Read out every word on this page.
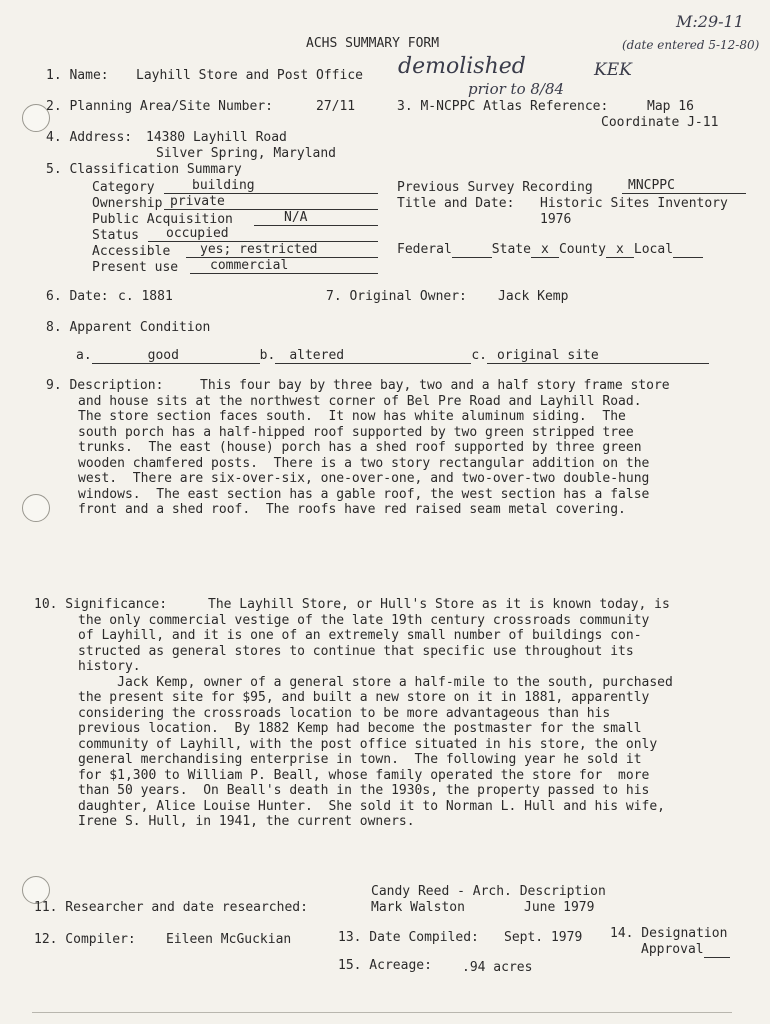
M:29-11
(date entered 5-12-80)
demolished	KEK
prior to 8/84
ACHS SUMMARY FORM
1. Name: Layhill Store and Post Office
2. Planning Area/Site Number:	27/11	3. M-NCPPC Atlas Reference:	Map 16
Coordinate J-11
4. Address: 14380 Layhill Road
Silver Spring, Maryland
5. Classification Summary
Category	building
Ownership private
Public Acquisition	N/A
Status	occupied
Accessible	yes; restricted
Present use	commercial
Previous Survey Recording	MNCPPC
Title and Date: Historic Sites Inventory
1976
Federal	State x County x Local
6. Date: c. 1881	7. Original Owner: Jack Kemp
8. Apparent Condition
a.	good	b. altered	c. original site
9. Description:	This four bay by three bay, two and a half story frame store
and house sits at the northwest corner of Bel Pre Road and Layhill Road.
The store section faces south.  It now has white aluminum siding.  The
south porch has a half-hipped roof supported by two green stripped tree
trunks.  The east (house) porch has a shed roof supported by three green
wooden chamfered posts.  There is a two story rectangular addition on the
west.  There are six-over-six, one-over-one, and two-over-two double-hung
windows.  The east section has a gable roof, the west section has a false
front and a shed roof.  The roofs have red raised seam metal covering.
10. Significance:	The Layhill Store, or Hull's Store as it is known today, is
the only commercial vestige of the late 19th century crossroads community
of Layhill, and it is one of an extremely small number of buildings con-
structed as general stores to continue that specific use throughout its
history.
Jack Kemp, owner of a general store a half-mile to the south, purchased
the present site for $95, and built a new store on it in 1881, apparently
considering the crossroads location to be more advantageous than his
previous location.  By 1882 Kemp had become the postmaster for the small
community of Layhill, with the post office situated in his store, the only
general merchandising enterprise in town.  The following year he sold it
for $1,300 to William P. Beall, whose family operated the store for  more
than 50 years.  On Beall's death in the 1930s, the property passed to his
daughter, Alice Louise Hunter.  She sold it to Norman L. Hull and his wife,
Irene S. Hull, in 1941, the current owners.
Candy Reed - Arch. Description
11. Researcher and date researched:	Mark Walston	June 1979
12. Compiler: Eileen McGuckian	13. Date Compiled: Sept. 1979 14. Designation
Approval
15. Acreage: .94 acres
